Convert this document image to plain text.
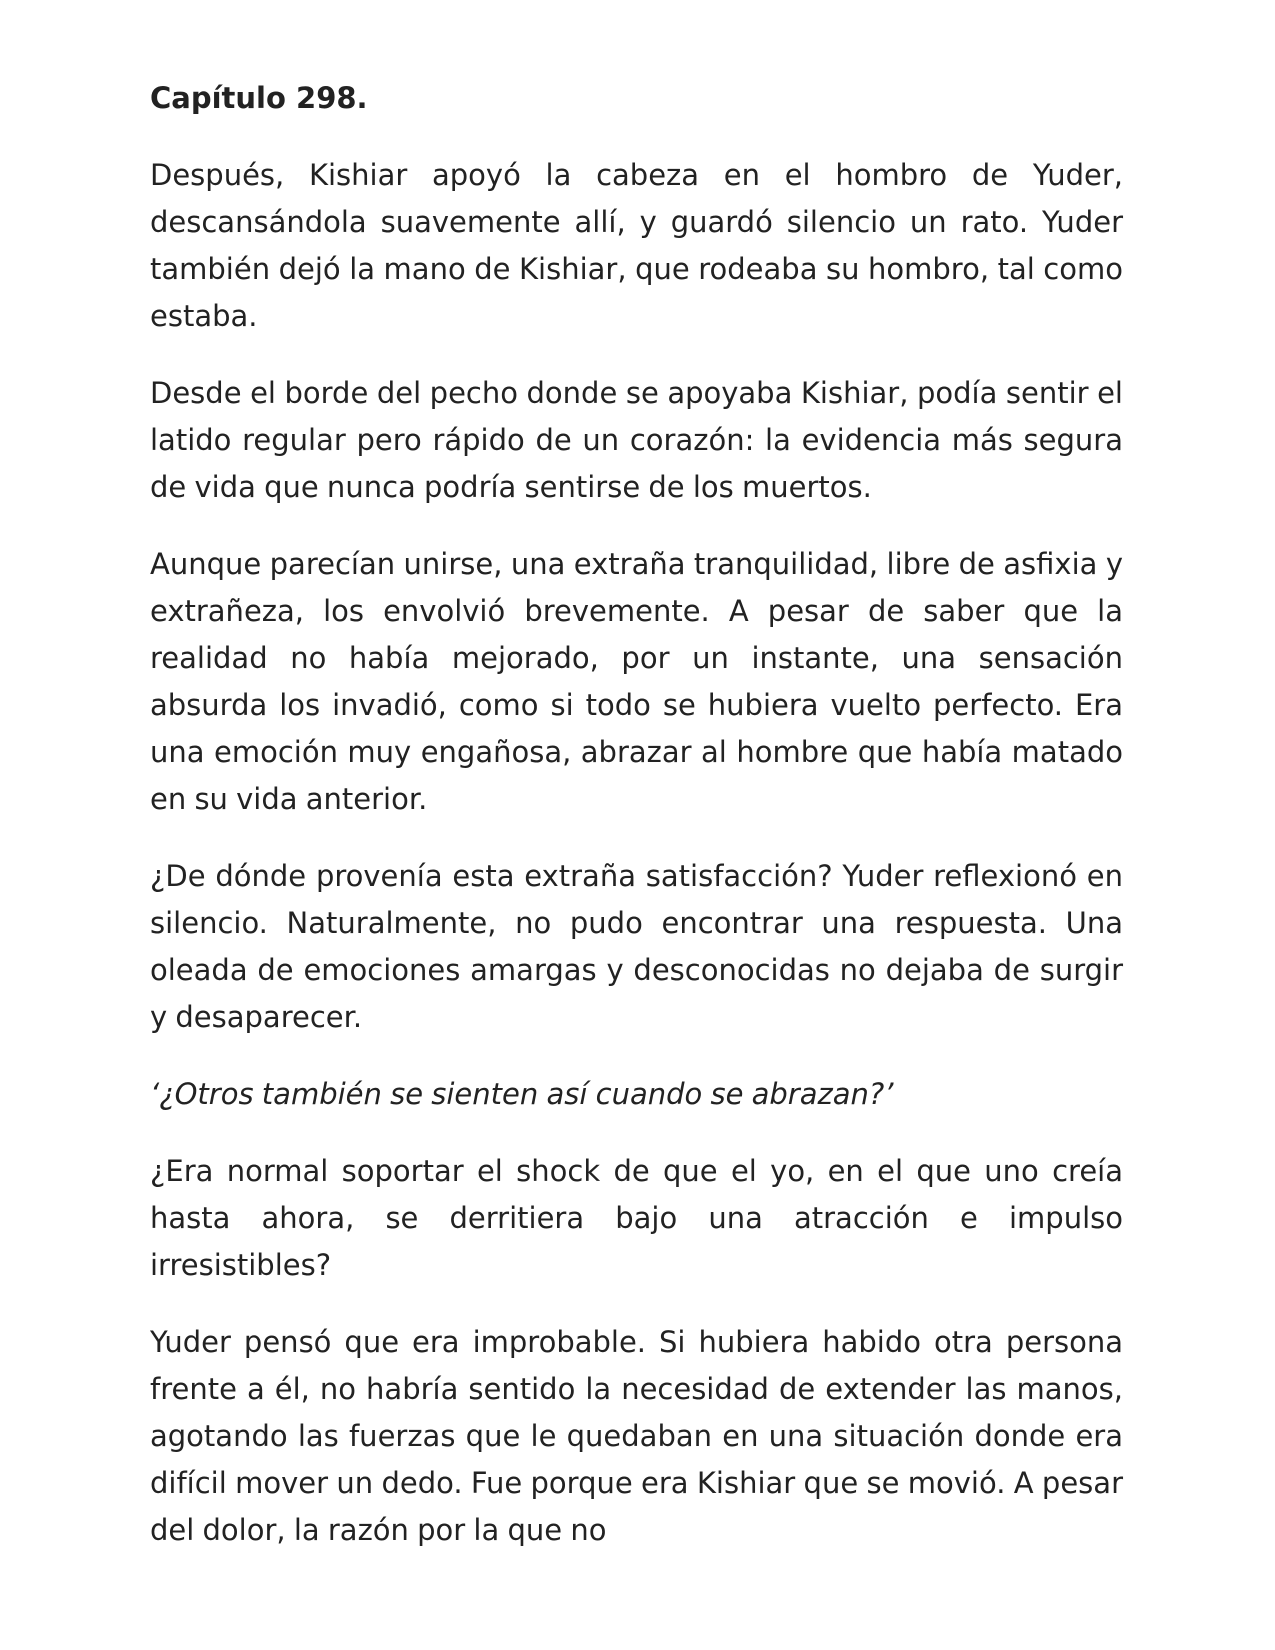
Capítulo 298.

Después, Kishiar apoyó la cabeza en el hombro de Yuder, descansándola suavemente allí, y guardó silencio un rato. Yuder también dejó la mano de Kishiar, que rodeaba su hombro, tal como estaba.

Desde el borde del pecho donde se apoyaba Kishiar, podía sentir el latido regular pero rápido de un corazón: la evidencia más segura de vida que nunca podría sentirse de los muertos.

Aunque parecían unirse, una extraña tranquilidad, libre de asfixia y extrañeza, los envolvió brevemente. A pesar de saber que la realidad no había mejorado, por un instante, una sensación absurda los invadió, como si todo se hubiera vuelto perfecto. Era una emoción muy engañosa, abrazar al hombre que había matado en su vida anterior.

¿De dónde provenía esta extraña satisfacción? Yuder reflexionó en silencio. Naturalmente, no pudo encontrar una respuesta. Una oleada de emociones amargas y desconocidas no dejaba de surgir y desaparecer.

‘¿Otros también se sienten así cuando se abrazan?’

¿Era normal soportar el shock de que el yo, en el que uno creía hasta ahora, se derritiera bajo una atracción e impulso irresistibles?

Yuder pensó que era improbable. Si hubiera habido otra persona frente a él, no habría sentido la necesidad de extender las manos, agotando las fuerzas que le quedaban en una situación donde era difícil mover un dedo. Fue porque era Kishiar que se movió. A pesar del dolor, la razón por la que no
